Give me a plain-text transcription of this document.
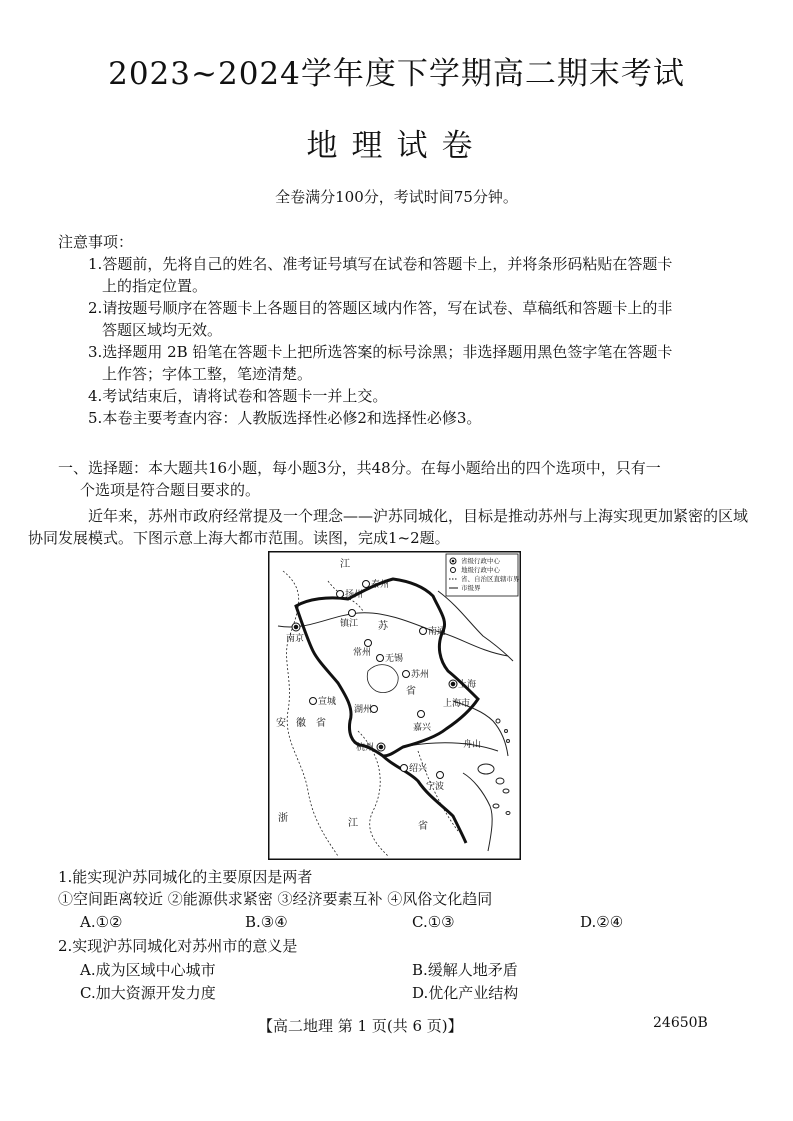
2023~2024学年度下学期高二期末考试
地理试卷
全卷满分100分，考试时间75分钟。
注意事项：
1.答题前，先将自己的姓名、准考证号填写在试卷和答题卡上，并将条形码粘贴在答题卡
上的指定位置。
2.请按题号顺序在答题卡上各题目的答题区域内作答，写在试卷、草稿纸和答题卡上的非
答题区域均无效。
3.选择题用 2B 铅笔在答题卡上把所选答案的标号涂黑；非选择题用黑色签字笔在答题卡
上作答；字体工整，笔迹清楚。
4.考试结束后，请将试卷和答题卡一并上交。
5.本卷主要考查内容：人教版选择性必修2和选择性必修3。
一、选择题：本大题共16小题，每小题3分，共48分。在每小题给出的四个选项中，只有一
个选项是符合题目要求的。
近年来，苏州市政府经常提及一个理念——沪苏同城化，目标是推动苏州与上海实现更加紧密的区域
协同发展模式。下图示意上海大都市范围。读图，完成1~2题。
扬州
泰州
镇江
南京
南通
常州
无锡
苏州
上海
上海市
湖州
嘉兴
宣城
杭州
绍兴
宁波
舟山
江
苏
省
安 徽 省
浙	江	省
省级行政中心
地级行政中心
省、自治区直辖市界
市级界
1.能实现沪苏同城化的主要原因是两者
①空间距离较近 ②能源供求紧密 ③经济要素互补 ④风俗文化趋同
A.①②	B.③④	C.①③	D.②④
2.实现沪苏同城化对苏州市的意义是
A.成为区域中心城市	B.缓解人地矛盾
C.加大资源开发力度	D.优化产业结构
【高二地理 第 1 页(共 6 页)】	24650B
